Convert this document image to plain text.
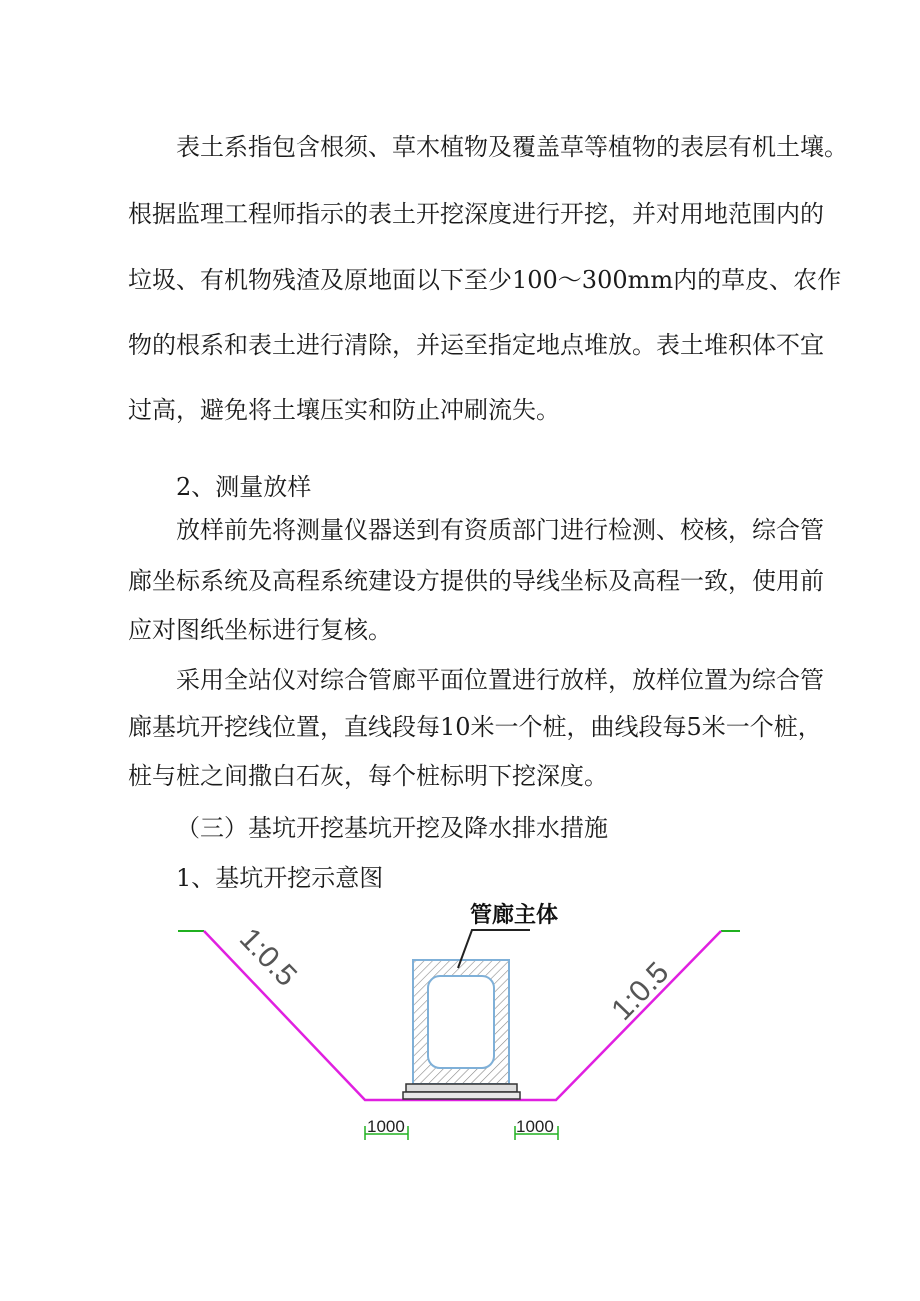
表土系指包含根须、草木植物及覆盖草等植物的表层有机土壤。
根据监理工程师指示的表土开挖深度进行开挖，并对用地范围内的
垃圾、有机物残渣及原地面以下至少100～300mm内的草皮、农作
物的根系和表土进行清除，并运至指定地点堆放。表土堆积体不宜
过高，避免将土壤压实和防止冲刷流失。
2、测量放样
放样前先将测量仪器送到有资质部门进行检测、校核，综合管
廊坐标系统及高程系统建设方提供的导线坐标及高程一致，使用前
应对图纸坐标进行复核。
采用全站仪对综合管廊平面位置进行放样，放样位置为综合管
廊基坑开挖线位置，直线段每10米一个桩，曲线段每5米一个桩，
桩与桩之间撒白石灰，每个桩标明下挖深度。
（三）基坑开挖基坑开挖及降水排水措施
1、基坑开挖示意图
1:0.5	1:0.5
管廊主体
1000	1000
